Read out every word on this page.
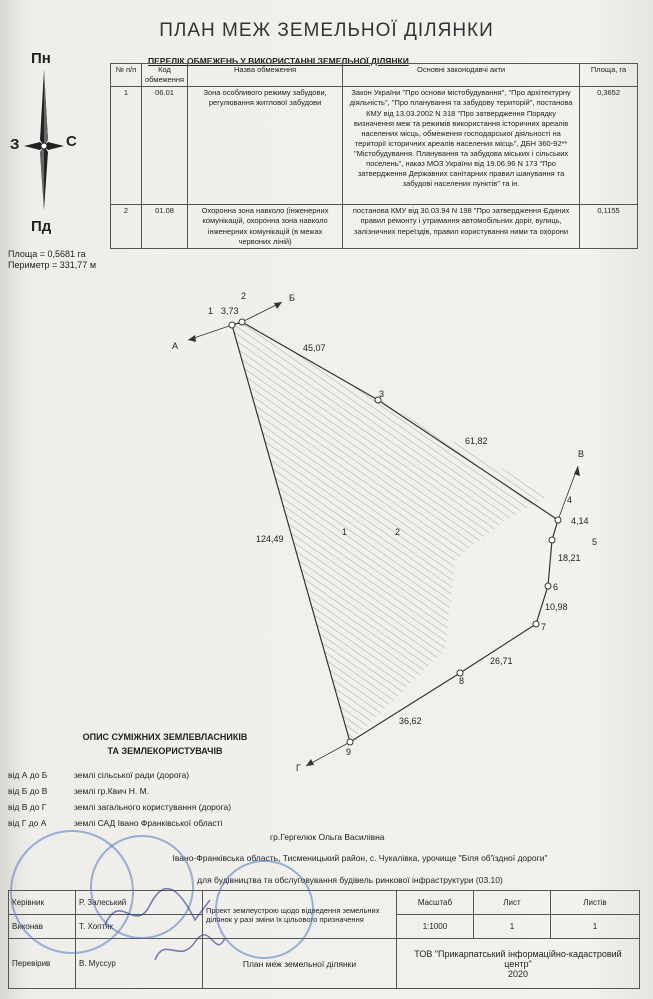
ПЛАН МЕЖ ЗЕМЕЛЬНОЇ ДІЛЯНКИ
Пн
Пд
З	С
Площа = 0,5681 га
Периметр = 331,77 м
ПЕРЕЛІК ОБМЕЖЕНЬ У ВИКОРИСТАННІ ЗЕМЕЛЬНОЇ ДІЛЯНКИ
№ п/п	Код обмеження	Назва обмеження	Основні законодавчі акти	Площа, га
1	06.01	Зона особливого режиму забудови, регулювання житлової забудови	Закон України "Про основи містобудування", "Про архітектурну діяльність", "Про планування та забудову територій", постанова КМУ від 13.03.2002 N 318 "Про затвердження Порядку визначення меж та режимів використання історичних ареалів населених місць, обмеження господарської діяльності на території історичних ареалів населених місць", ДБН 360-92** "Містобудування. Планування та забудова міських і сільських поселень", наказ МОЗ України від 19.06.96 N 173 "Про затвердження Державних санітарних правил шанування та забудові населених пунктів" та ін.	0,3652
2	01.08	Охоронна зона навколо (інженерних комунікацій, охоронна зона навколо інженерних комунікацій (в межах червоних ліній)	постанова КМУ від 30.03.94 N 198 "Про затвердження Єдиних правил ремонту і утримання автомобільних доріг, вулиць, залізничних переїздів, правил користування ними та охорони	0,1155
1
2
3
4
5
6
7
8
9
А
Б
В
Г
3,73
45,07
61,82
4,14
18,21
10,98
26,71
36,62
124,49
1	2
ОПИС СУМІЖНИХ ЗЕМЛЕВЛАСНИКІВ
ТА ЗЕМЛЕКОРИСТУВАЧІВ
від А до Б	землі сільської ради (дорога)
від Б до В	землі гр.Квич Н. М.
від В до Г	землі загального користування (дорога)
від Г до А	землі САД Івано Франківської області
гр.Гергелюк Ольга Василівна
Івано-Франківська область, Тисменицький район, с. Чукалівка, урочище "Біля об'їздної дороги"
для будівництва та обслуговування будівель ринкової інфраструктури (03.10)
Керівник	Р. Залеський	Проект землеустрою щодо відведення земельних ділянок у разі зміни їх цільового призначення	Масштаб	Лист	Листів
Виконав	Т. Хоптяк		1:1000	1	1
Перевірив	В. Муссур	План меж земельної ділянки	ТОВ "Прикарпатський інформаційно-кадастровий центр"
2020		
